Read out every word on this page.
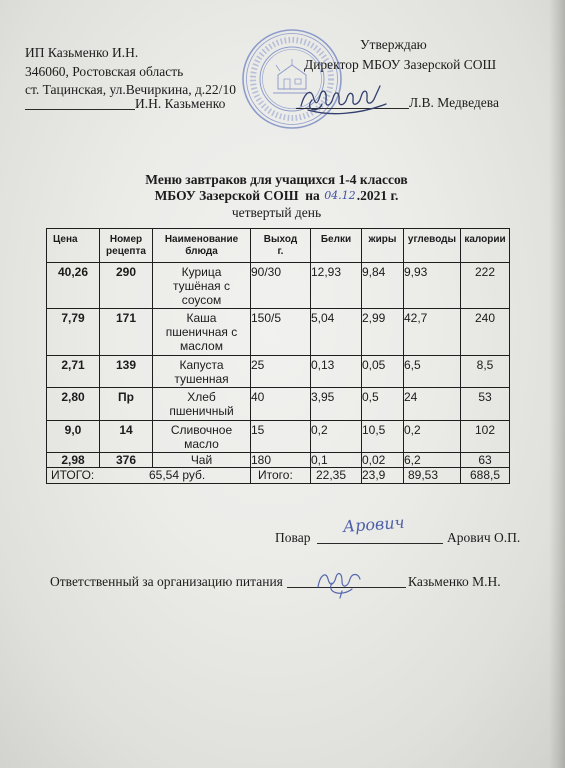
ИП Казьменко И.Н.
346060, Ростовская область
ст. Тацинская, ул.Вечиркина, д.22/10
И.Н. Казьменко
Утверждаю
Директор МБОУ Зазерской СОШ
Л.В. Медведева
Меню завтраков для учащихся 1-4 классов
МБОУ Зазерской СОШ  на 04.12.2021 г.
четвертый день
Цена	Номер рецепта	Наименование блюда	Выход г.	Белки	жиры	углеводы	калории
40,26	290	Курица тушёная с соусом	90/30	12,93	9,84	9,93	222
7,79	171	Каша пшеничная с маслом	150/5	5,04	2,99	42,7	240
2,71	139	Капуста тушенная	25	0,13	0,05	6,5	8,5
2,80	Пр	Хлеб пшеничный	40	3,95	0,5	24	53
9,0	14	Сливочное масло	15	0,2	10,5	0,2	102
2,98	376	Чай	180	0,1	0,02	6,2	63
ИТОГО: 65,54 руб.			Итого:	22,35	23,9	89,53	688,5
Повар	Арович О.П.
Арович
Ответственный за организацию питания	Казьменко М.Н.
